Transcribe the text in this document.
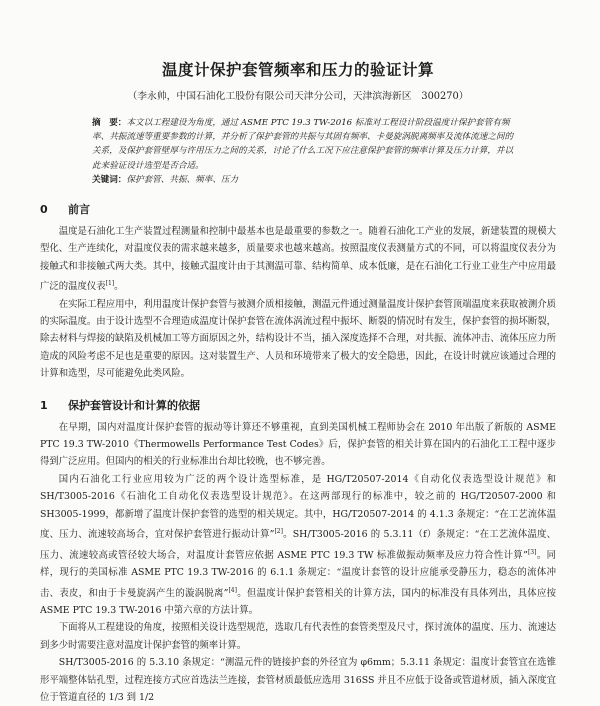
温度计保护套管频率和压力的验证计算
（李永帅，中国石油化工股份有限公司天津分公司，天津滨海新区　300270）
摘　要：本文以工程建设为角度，通过 ASME PTC 19.3 TW-2016 标准对工程设计阶段温度计保护套管有频率、共振流速等重要参数的计算，并分析了保护套管的共振与其固有频率、卡曼旋涡脱离频率及流体流速之间的关系，及保护套管壁厚与许用压力之间的关系，讨论了什么工况下应注意保护套管的频率计算及压力计算，并以此来验证设计选型是否合适。
关键词：保护套管、共振、频率、压力
0 前言

温度是石油化工生产装置过程测量和控制中最基本也是最重要的参数之一。随着石油化工产业的发展，新建装置的规模大型化、生产连续化，对温度仪表的需求越来越多，质量要求也越来越高。按照温度仪表测量方式的不同，可以将温度仪表分为接触式和非接触式两大类。其中，接触式温度计由于其测温可靠、结构简单、成本低廉，是在石油化工行业工业生产中应用最广泛的温度仪表[1]。

在实际工程应用中，利用温度计保护套管与被测介质相接触，测温元件通过测量温度计保护套管顶端温度来获取被测介质的实际温度。由于设计选型不合理造成温度计保护套管在流体涡流过程中振坏、断裂的情况时有发生，保护套管的损坏断裂，除去材料与焊接的缺陷及机械加工等方面原因之外，结构设计不当，插入深度选择不合理，对共振、流体冲击、流体压应力所造成的风险考虑不足也是重要的原因。这对装置生产、人员和环境带来了极大的安全隐患，因此，在设计时就应该通过合理的计算和选型，尽可能避免此类风险。

1 保护套管设计和计算的依据

在早期，国内对温度计保护套管的振动等计算还不够重视，直到美国机械工程师协会在 2010 年出版了新版的 ASME PTC 19.3 TW-2010《Thermowells Performance Test Codes》后，保护套管的相关计算在国内的石油化工工程中逐步得到广泛应用。但国内的相关的行业标准出台却比较晚，也不够完善。

国内石油化工行业应用较为广泛的两个设计选型标准，是 HG/T20507-2014《自动化仪表选型设计规范》和 SH/T3005-2016《石油化工自动化仪表选型设计规范》。在这两部现行的标准中，较之前的 HG/T20507-2000 和 SH3005-1999，都新增了温度计保护套管的选型的相关规定。其中，HG/T20507-2014 的 4.1.3 条规定：“在工艺流体温度、压力、流速较高场合，宜对保护套管进行振动计算”[2]。SH/T3005-2016 的 5.3.11（f）条规定：“在工艺流体温度、压力、流速较高或管径较大场合，对温度计套管应依据 ASME PTC 19.3 TW 标准做振动频率及应力符合性计算”[3]。同样，现行的美国标准 ASME PTC 19.3 TW-2016 的 6.1.1 条规定：“温度计套管的设计应能承受静压力，稳态的流体冲击、表皮，和由于卡曼旋涡产生的漩涡脱离”[4]。但温度计保护套管相关的计算方法，国内的标准没有具体列出，具体应按 ASME PTC 19.3 TW-2016 中第六章的方法计算。

下面将从工程建设的角度，按照相关设计选型规范，选取几有代表性的套管类型及尺寸，探讨流体的温度、压力、流速达到多少时需要注意对温度计保护套管的频率计算。

SH/T3005-2016 的 5.3.10 条规定：“测温元件的链接护套的外径宜为 φ6mm；5.3.11 条规定：温度计套管宜在选锥形平端整体钻孔型，过程连接方式应首选法兰连接，套管材质最低应选用 316SS 并且不应低于设备或管道材质，插入深度宜位于管道直径的 1/3 到 1/2
